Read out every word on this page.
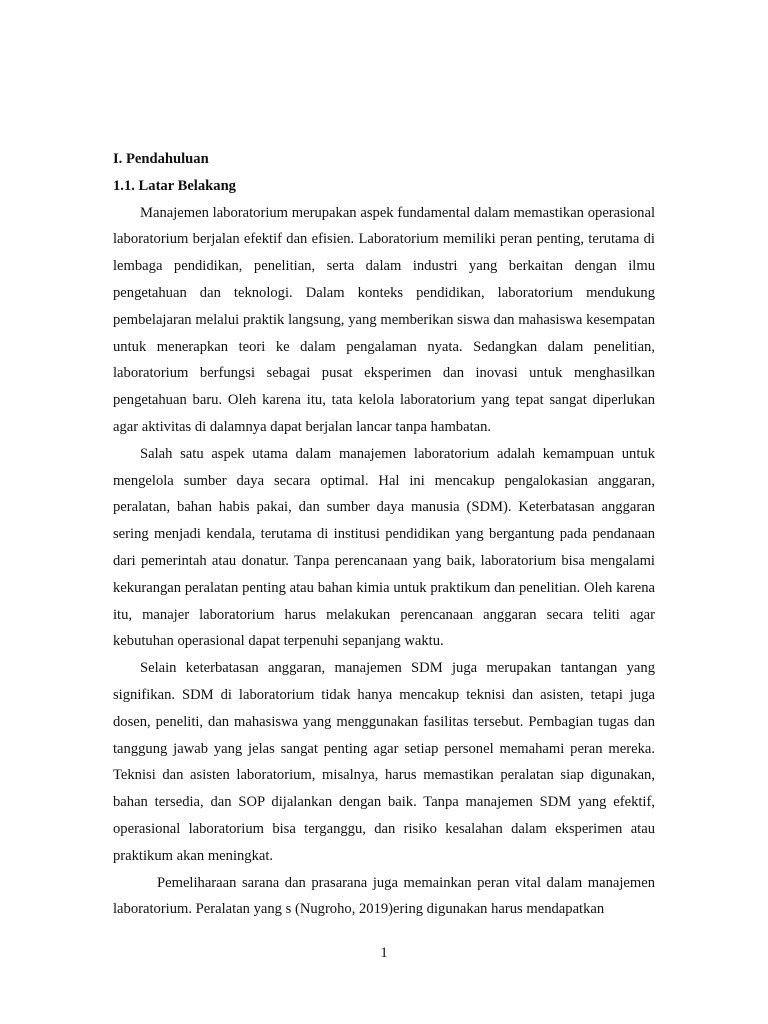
I. Pendahuluan

1.1. Latar Belakang

Manajemen laboratorium merupakan aspek fundamental dalam memastikan operasional laboratorium berjalan efektif dan efisien. Laboratorium memiliki peran penting, terutama di lembaga pendidikan, penelitian, serta dalam industri yang berkaitan dengan ilmu pengetahuan dan teknologi. Dalam konteks pendidikan, laboratorium mendukung pembelajaran melalui praktik langsung, yang memberikan siswa dan mahasiswa kesempatan untuk menerapkan teori ke dalam pengalaman nyata. Sedangkan dalam penelitian, laboratorium berfungsi sebagai pusat eksperimen dan inovasi untuk menghasilkan pengetahuan baru. Oleh karena itu, tata kelola laboratorium yang tepat sangat diperlukan agar aktivitas di dalamnya dapat berjalan lancar tanpa hambatan.

Salah satu aspek utama dalam manajemen laboratorium adalah kemampuan untuk mengelola sumber daya secara optimal. Hal ini mencakup pengalokasian anggaran, peralatan, bahan habis pakai, dan sumber daya manusia (SDM). Keterbatasan anggaran sering menjadi kendala, terutama di institusi pendidikan yang bergantung pada pendanaan dari pemerintah atau donatur. Tanpa perencanaan yang baik, laboratorium bisa mengalami kekurangan peralatan penting atau bahan kimia untuk praktikum dan penelitian. Oleh karena itu, manajer laboratorium harus melakukan perencanaan anggaran secara teliti agar kebutuhan operasional dapat terpenuhi sepanjang waktu.

Selain keterbatasan anggaran, manajemen SDM juga merupakan tantangan yang signifikan. SDM di laboratorium tidak hanya mencakup teknisi dan asisten, tetapi juga dosen, peneliti, dan mahasiswa yang menggunakan fasilitas tersebut. Pembagian tugas dan tanggung jawab yang jelas sangat penting agar setiap personel memahami peran mereka. Teknisi dan asisten laboratorium, misalnya, harus memastikan peralatan siap digunakan, bahan tersedia, dan SOP dijalankan dengan baik. Tanpa manajemen SDM yang efektif, operasional laboratorium bisa terganggu, dan risiko kesalahan dalam eksperimen atau praktikum akan meningkat.

Pemeliharaan sarana dan prasarana juga memainkan peran vital dalam manajemen laboratorium. Peralatan yang s (Nugroho, 2019)ering digunakan harus mendapatkan

1
